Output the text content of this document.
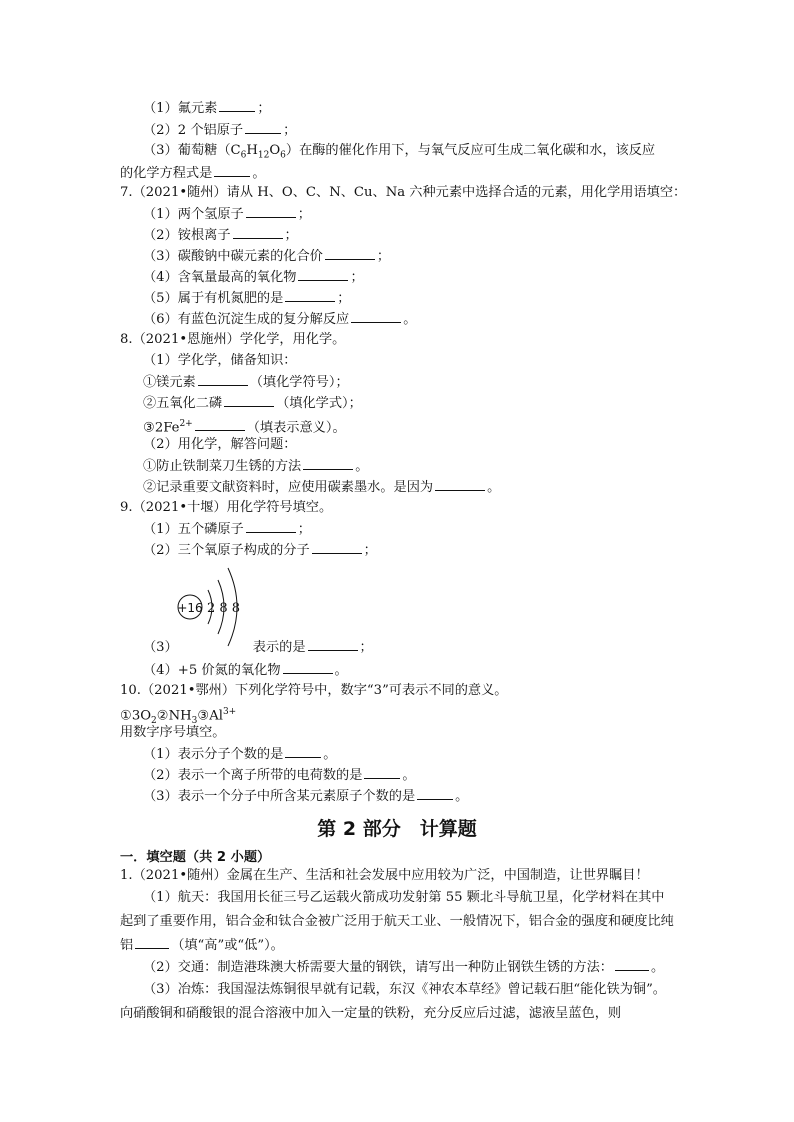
（1）氟元素	；
（2）2 个铝原子	；
（3）葡萄糖$(C_6H_{12}O_6)$在酶的催化作用下，与氧气反应可生成二氧化碳和水，该反应
的化学方程式是	。
7.（2021•随州）请从 H、O、C、N、Cu、Na 六种元素中选择合适的元素，用化学用语填空：
（1）两个氢原子	；
（2）铵根离子	；
（3）碳酸钠中碳元素的化合价	；
（4）含氧量最高的氧化物	；
（5）属于有机氮肥的是	；
（6）有蓝色沉淀生成的复分解反应	。
8.（2021•恩施州）学化学，用化学。
（1）学化学，储备知识：
①镁元素	（填化学符号）；
②五氧化二磷	（填化学式）；
$③2Fe^{2+}$	（填表示意义）。
（2）用化学，解答问题：
①防止铁制菜刀生锈的方法	。
②记录重要文献资料时，应使用碳素墨水。是因为	。
9.（2021•十堰）用化学符号填空。
（1）五个磷原子	；
（2）三个氧原子构成的分子	；
+16 2 8 8
（3）	表示的是	；
（4）+5 价氮的氧化物	。
10.（2021•鄂州）下列化学符号中，数字“3”可表示不同的意义。
$①3O_2②NH_3③Al^{3+}$
用数字序号填空。
（1）表示分子个数的是	。
（2）表示一个离子所带的电荷数的是	。
（3）表示一个分子中所含某元素原子个数的是	。
第 2 部分　计算题
一．填空题（共 2 小题）
1.（2021•随州）金属在生产、生活和社会发展中应用较为广泛，中国制造，让世界瞩目！
（1）航天：我国用长征三号乙运载火箭成功发射第 55 颗北斗导航卫星，化学材料在其中起到了重要作用，铝合金和钛合金被广泛用于航天工业、一般情况下，铝合金的强度和硬度比纯铝	（填“高”或“低”）。
（2）交通：制造港珠澳大桥需要大量的钢铁，请写出一种防止钢铁生锈的方法：	。
（3）冶炼：我国湿法炼铜很早就有记载，东汉《神农本草经》曾记载石胆“能化铁为铜”。向硝酸铜和硝酸银的混合溶液中加入一定量的铁粉，充分反应后过滤，滤液呈蓝色，则
